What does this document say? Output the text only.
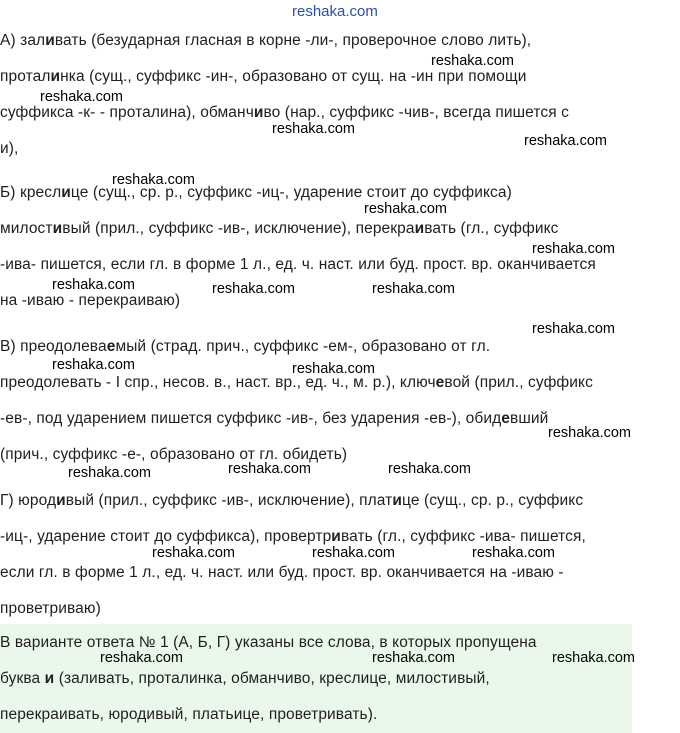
reshaka.com
А) заливать (безударная гласная в корне -ли-, проверочное слово лить),
проталинка (сущ., суффикс -ин-, образовано от сущ. на -ин при помощи
суффикса -к- - проталина), обманчиво (нар., суффикс -чив-, всегда пишется с
и),
Б) креслице (сущ., ср. р., суффикс -иц-, ударение стоит до суффикса)
милостивый (прил., суффикс -ив-, исключение), перекраивать (гл., суффикс
-ива- пишется, если гл. в форме 1 л., ед. ч. наст. или буд. прост. вр. оканчивается
на -иваю - перекраиваю)
В) преодолеваемый (страд. прич., суффикс -ем-, образовано от гл.
преодолевать - I спр., несов. в., наст. вр., ед. ч., м. р.), ключевой (прил., суффикс
-ев-, под ударением пишется суффикс -ив-, без ударения -ев-), обидевший
(прич., суффикс -е-, образовано от гл. обидеть)
Г) юродивый (прил., суффикс -ив-, исключение), платице (сущ., ср. р., суффикс
-иц-, ударение стоит до суффикса), провертривать (гл., суффикс -ива- пишется,
если гл. в форме 1 л., ед. ч. наст. или буд. прост. вр. оканчивается на -иваю -
проветриваю)
В варианте ответа № 1 (А, Б, Г) указаны все слова, в которых пропущена
буква и (заливать, проталинка, обманчиво, креслице, милостивый,
перекраивать, юродивый, платьице, проветривать).
reshaka.com
reshaka.com
reshaka.com
reshaka.com
reshaka.com
reshaka.com
reshaka.com
reshaka.com	reshaka.com	reshaka.com
reshaka.com
reshaka.com	reshaka.com
reshaka.com
reshaka.com	reshaka.com	reshaka.com
reshaka.com	reshaka.com	reshaka.com
reshaka.com	reshaka.com	reshaka.com
